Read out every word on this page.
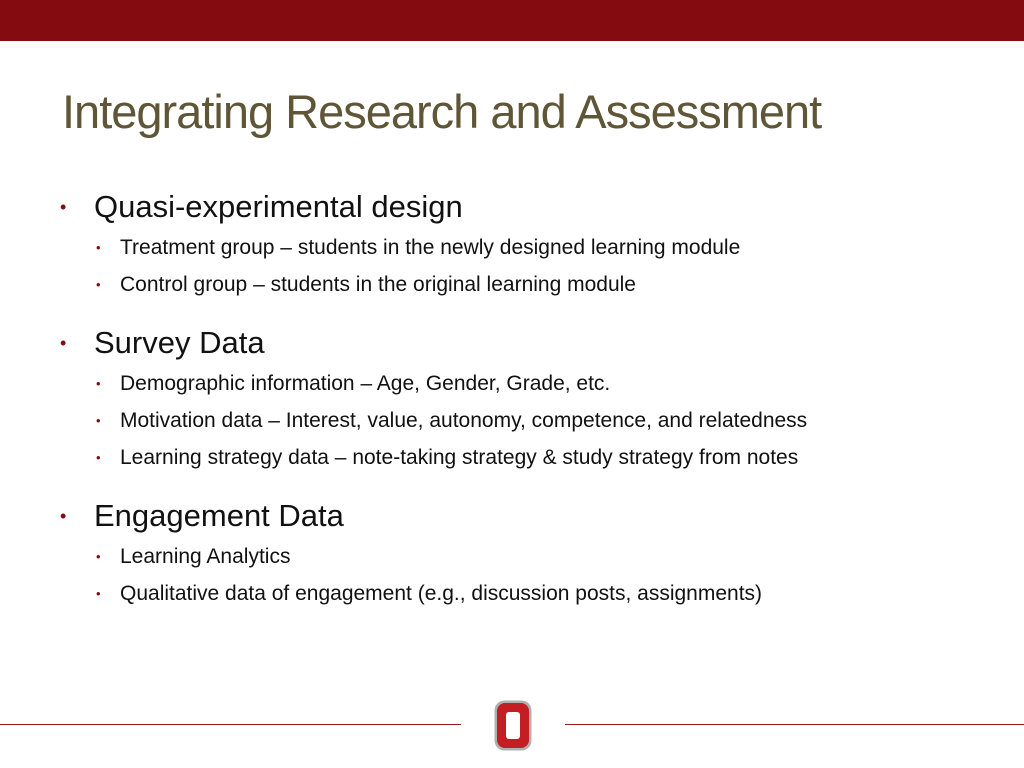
Integrating Research and Assessment
• Quasi-experimental design
• Treatment group – students in the newly designed learning module
• Control group – students in the original learning module
• Survey Data
• Demographic information – Age, Gender, Grade, etc.
• Motivation data – Interest, value, autonomy, competence, and relatedness
• Learning strategy data – note-taking strategy & study strategy from notes
• Engagement Data
• Learning Analytics
• Qualitative data of engagement (e.g., discussion posts, assignments)
